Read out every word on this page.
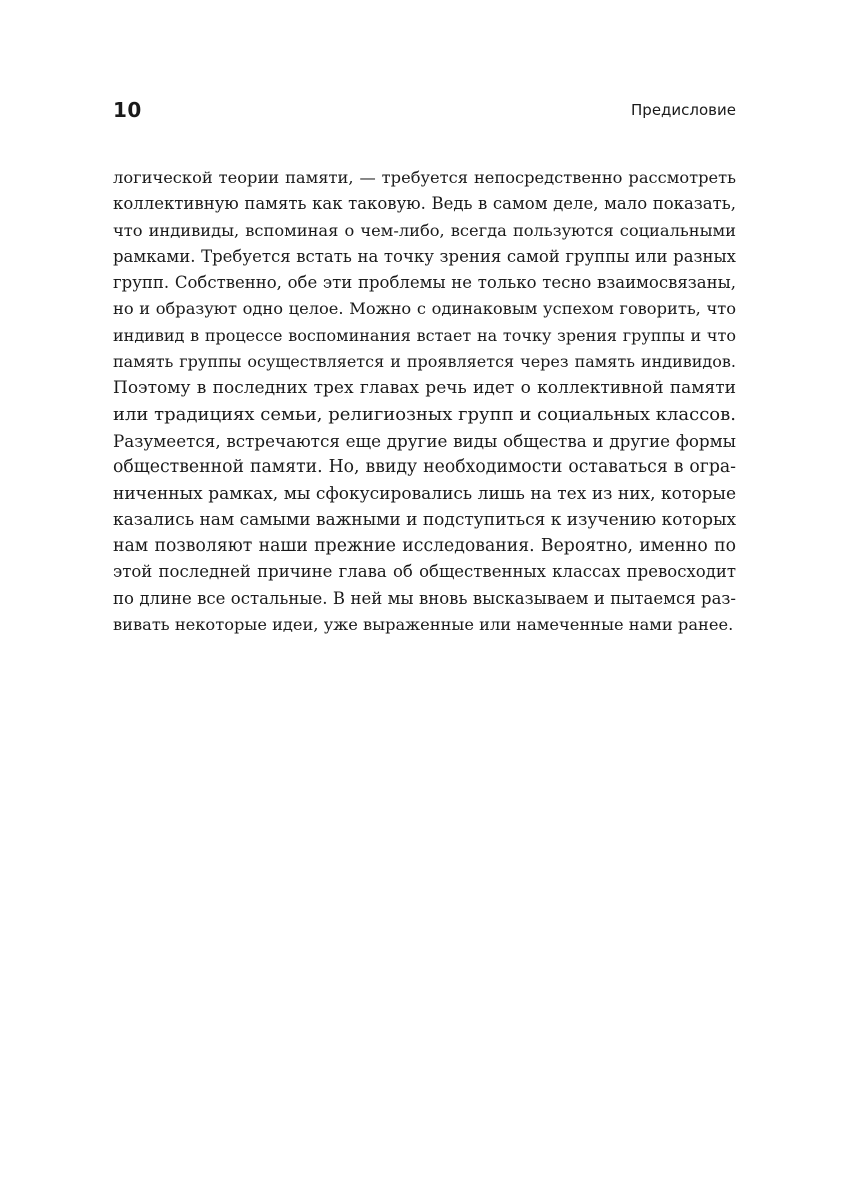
10	Предисловие
логической теории памяти, — требуется непосредственно рассмотреть
коллективную память как таковую. Ведь в самом деле, мало показать,
что индивиды, вспоминая о чем-либо, всегда пользуются социальными
рамками. Требуется встать на точку зрения самой группы или разных
групп. Собственно, обе эти проблемы не только тесно взаимосвязаны,
но и образуют одно целое. Можно с одинаковым успехом говорить, что
индивид в процессе воспоминания встает на точку зрения группы и что
память группы осуществляется и проявляется через память индивидов.
Поэтому в последних трех главах речь идет о коллективной памяти
или традициях семьи, религиозных групп и социальных классов.
Разумеется, встречаются еще другие виды общества и другие формы
общественной памяти. Но, ввиду необходимости оставаться в огра-
ниченных рамках, мы сфокусировались лишь на тех из них, которые
казались нам самыми важными и подступиться к изучению которых
нам позволяют наши прежние исследования. Вероятно, именно по
этой последней причине глава об общественных классах превосходит
по длине все остальные. В ней мы вновь высказываем и пытаемся раз-
вивать некоторые идеи, уже выраженные или намеченные нами ранее.
